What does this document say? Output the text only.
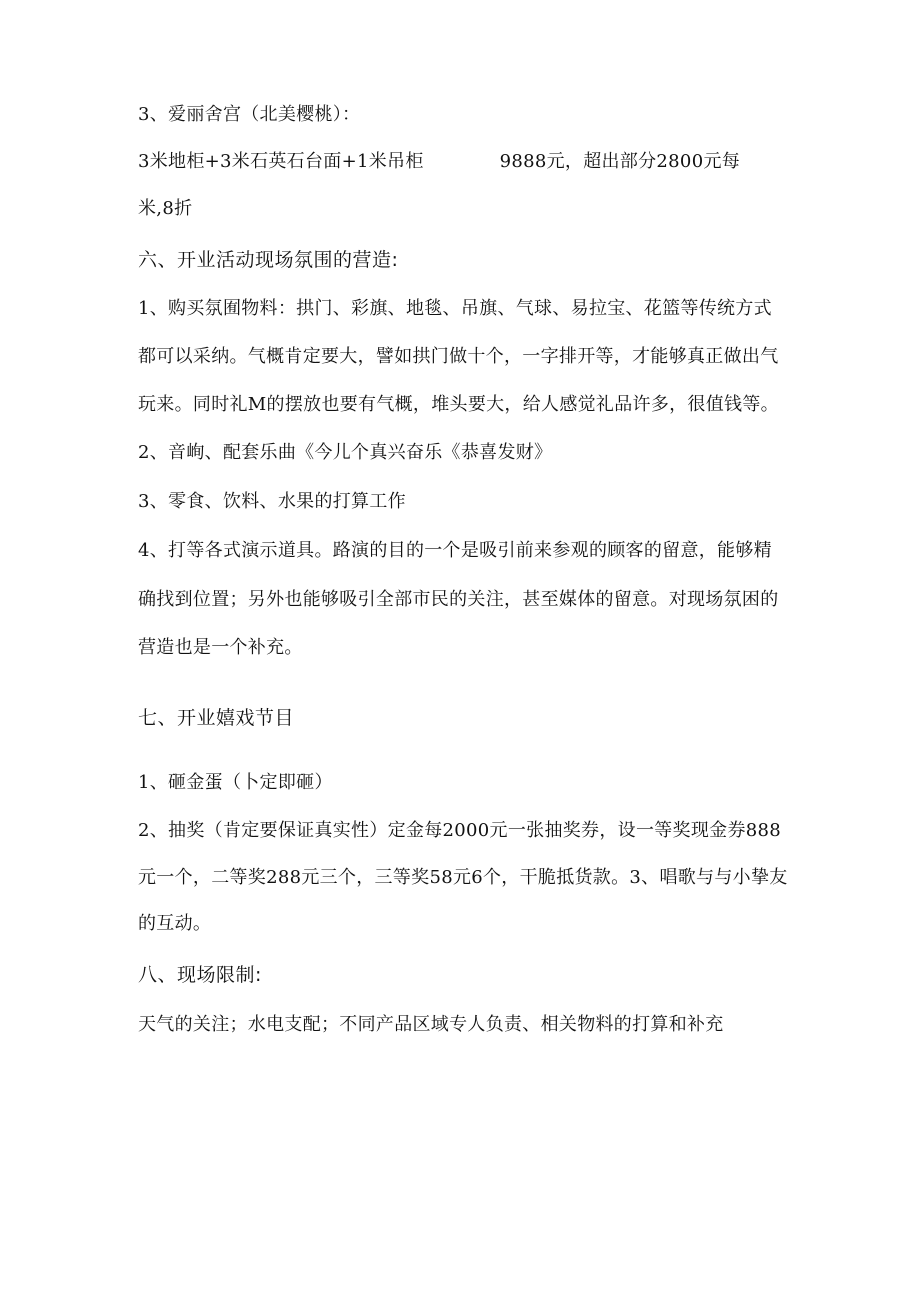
3、爱丽舍宫（北美樱桃）：
3米地柜+3米石英石台面+1米吊柜	9888元，超出部分2800元每
米,8折
六、开业活动现场氛围的营造:
1、购买氛囿物料：拱门、彩旗、地毯、吊旗、气球、易拉宝、花篮等传统方式
都可以采纳。气概肯定要大，譬如拱门做十个，一字排开等，才能够真正做出气
玩来。同时礼M的摆放也要有气概，堆头要大，给人感觉礼品许多，很值钱等。
2、音峋、配套乐曲《今儿个真兴奋乐《恭喜发财》
3、零食、饮料、水果的打算工作
4、打等各式演示道具。路演的目的一个是吸引前来参观的顾客的留意，能够精
确找到位置；另外也能够吸引全部市民的关注，甚至媒体的留意。对现场氛困的
营造也是一个补充。
七、开业嬉戏节目
1、砸金蛋（卜定即砸）
2、抽奖（肯定要保证真实性）定金每2000元一张抽奖券，设一等奖现金券888
元一个，二等奖288元三个，三等奖58元6个，干脆抵货款。3、唱歌与与小挚友
的互动。
八、现场限制:
天气的关注；水电支配；不同产品区域专人负责、相关物料的打算和补充
